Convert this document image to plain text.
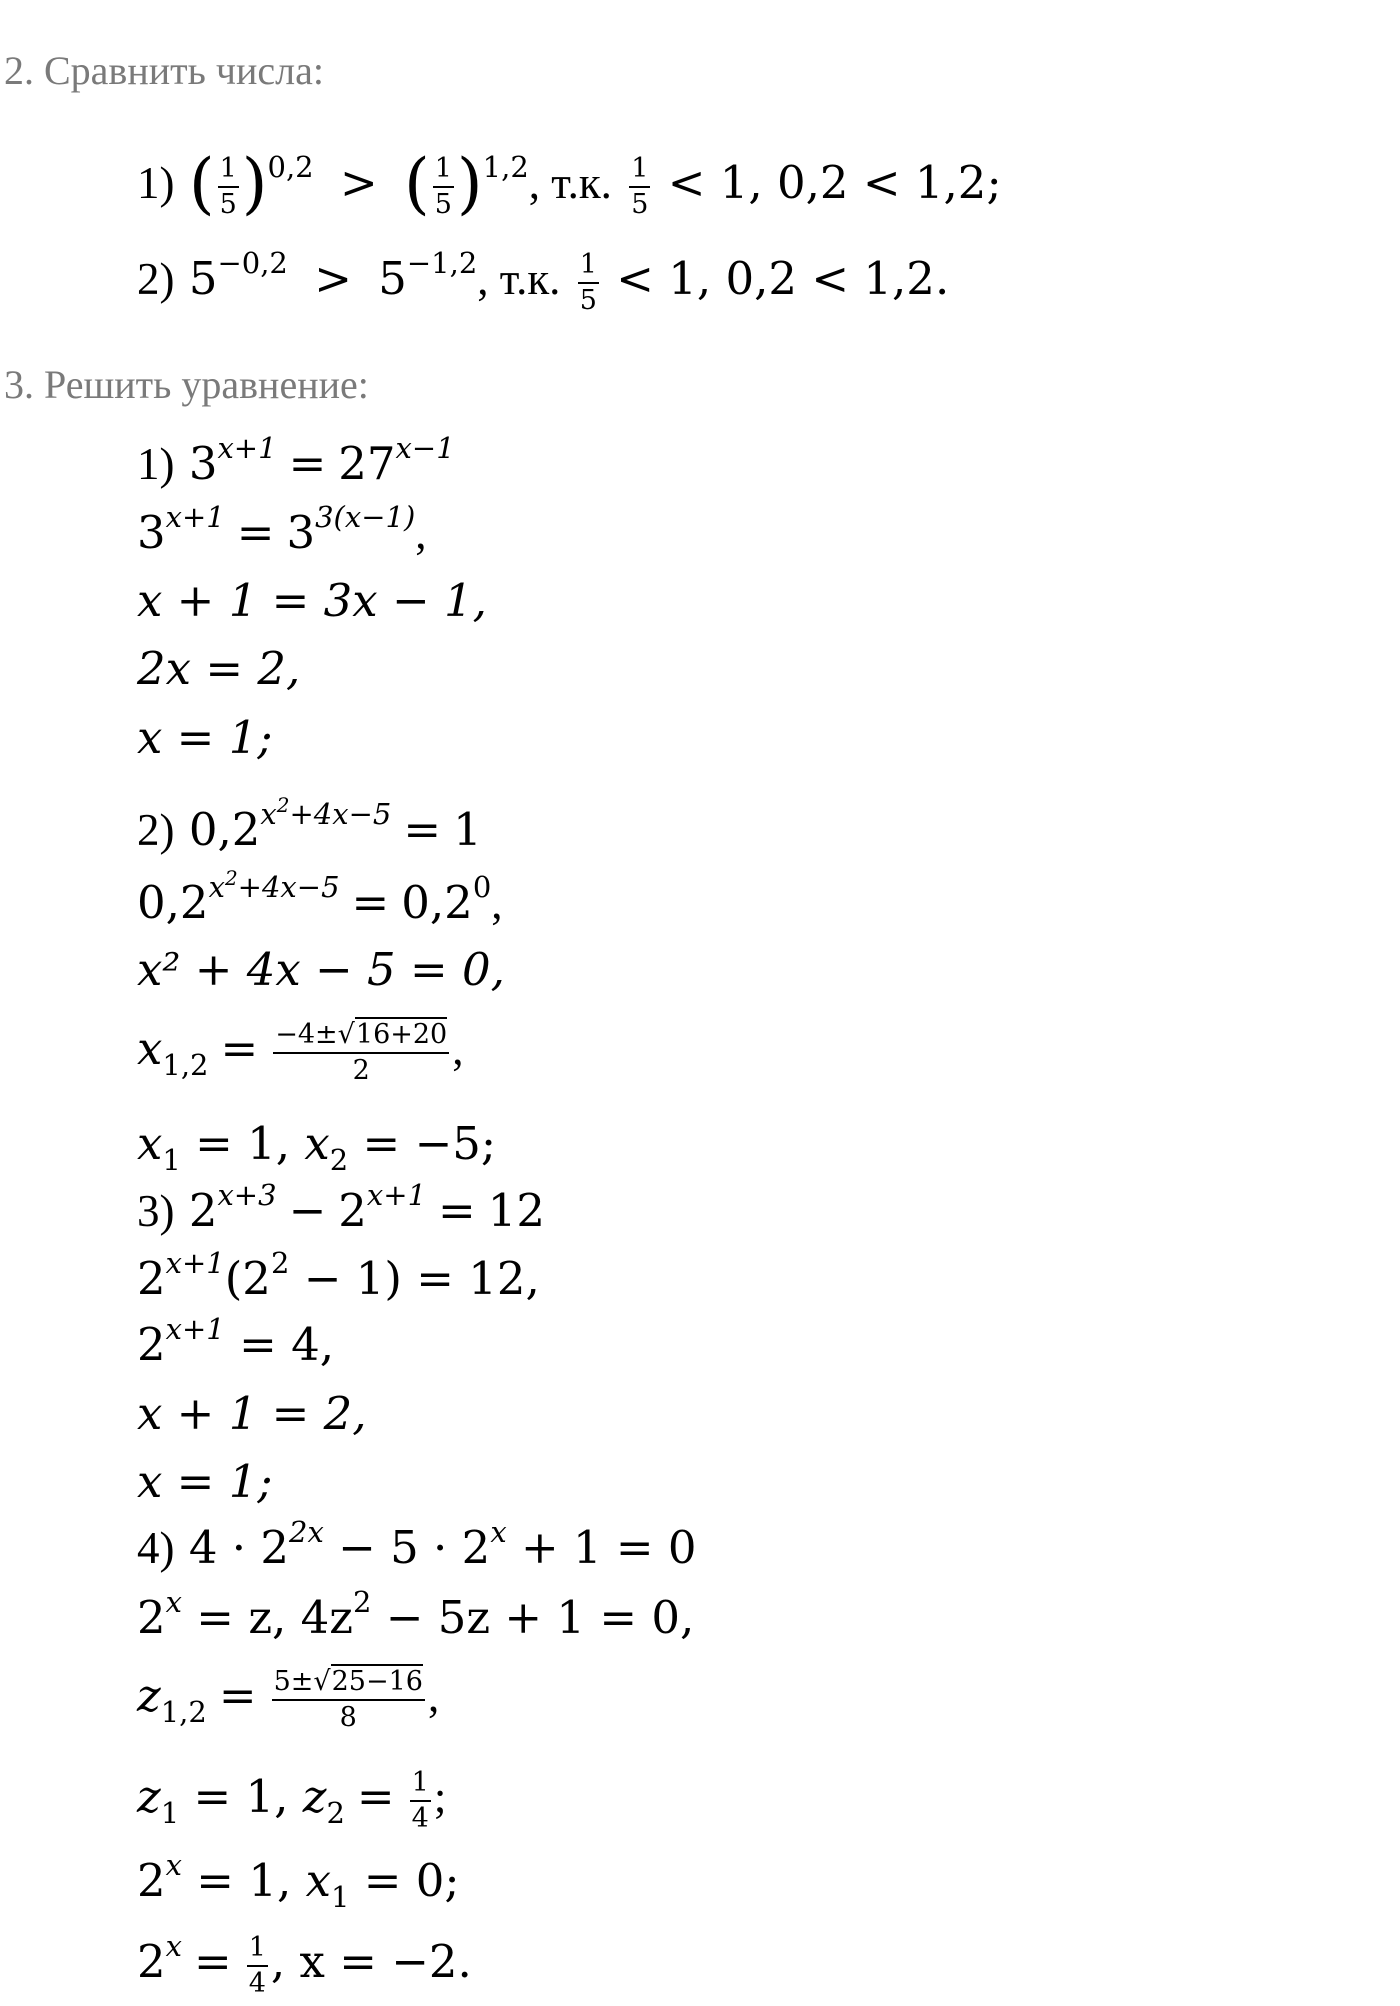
2. Сравнить числа:
1) ( $\frac{1}{5} )^{0,2}$ > ( $\frac{1}{5} )^{1,2}$, т.к. $\frac{1}{5} < 1$, 0,2 < 1,2;
2) $5^{-0,2} > 5^{-1,2}$, т.к. $\frac{1}{5} < 1$, 0,2 < 1,2.
3. Решить уравнение:
1) $3^{x+1} = 27^{x-1}$
$3^{x+1} = 3^{3(x-1)}$,
x + 1 = 3x − 1,
2x = 2,
x = 1;
2) $0,2^{x^2+4x-5} = 1$
$0,2^{x^2+4x-5} = 0,2^0$,
x² + 4x − 5 = 0,
$x_{1,2} = \frac{-4\pm√16+20}{2}$ ,
$x_1 = 1$, $x_2 = -5$;
3) $2^{x+3} - 2^{x+1} = 12$
$2^{x+1}(2^2 - 1) = 12$,
$2^{x+1} = 4$,
x + 1 = 2,
x = 1;
4) $4 \cdot 2^{2x} - 5 \cdot 2^x + 1 = 0$
$2^x = z$, $4z^2 - 5z + 1 = 0$,
$z_{1,2} = \frac{5\pm√25-16}{8}$ ,
$z_1 = 1$, $z_2 = \frac{1}{4}$ ;
$2^x = 1$, $x_1 = 0$;
$2^x = \frac{1}{4}$ , x = −2.
